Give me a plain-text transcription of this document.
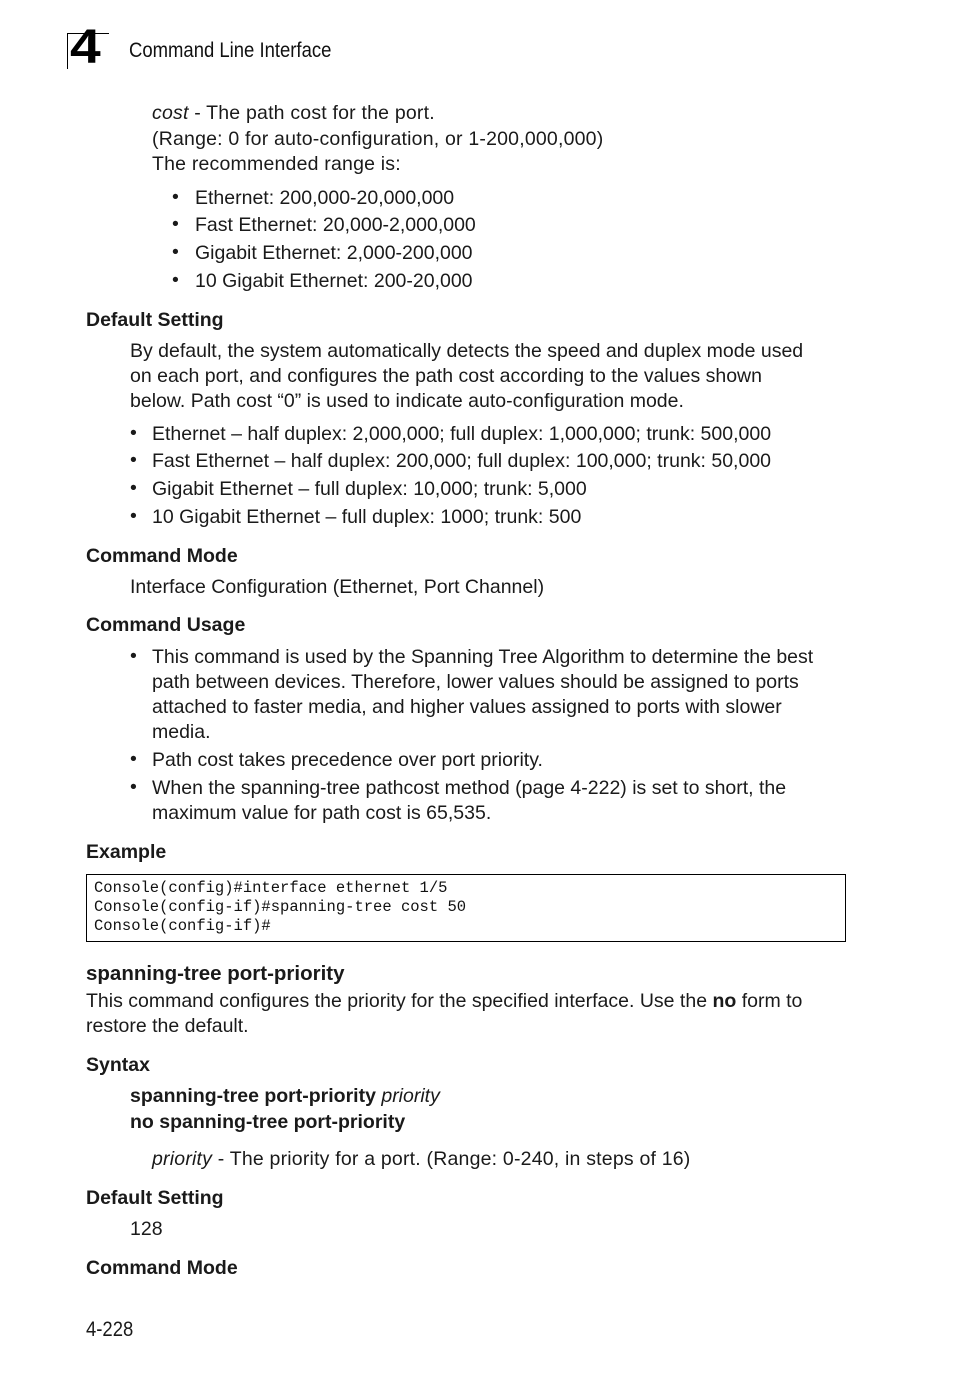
4 Command Line Interface
cost - The path cost for the port.
(Range: 0 for auto-configuration, or 1-200,000,000)
The recommended range is:
• Ethernet: 200,000-20,000,000
• Fast Ethernet: 20,000-2,000,000
• Gigabit Ethernet: 2,000-200,000
• 10 Gigabit Ethernet: 200-20,000
Default Setting
By default, the system automatically detects the speed and duplex mode used
on each port, and configures the path cost according to the values shown
below. Path cost “0” is used to indicate auto-configuration mode.
• Ethernet – half duplex: 2,000,000; full duplex: 1,000,000; trunk: 500,000
• Fast Ethernet – half duplex: 200,000; full duplex: 100,000; trunk: 50,000
• Gigabit Ethernet – full duplex: 10,000; trunk: 5,000
• 10 Gigabit Ethernet – full duplex: 1000; trunk: 500
Command Mode
Interface Configuration (Ethernet, Port Channel)
Command Usage
• This command is used by the Spanning Tree Algorithm to determine the best
path between devices. Therefore, lower values should be assigned to ports
attached to faster media, and higher values assigned to ports with slower
media.
• Path cost takes precedence over port priority.
• When the spanning-tree pathcost method (page 4-222) is set to short, the
maximum value for path cost is 65,535.
Example
Console(config)#interface ethernet 1/5
Console(config-if)#spanning-tree cost 50
Console(config-if)#
spanning-tree port-priority
This command configures the priority for the specified interface. Use the no form to
restore the default.
Syntax
spanning-tree port-priority priority
no spanning-tree port-priority
priority - The priority for a port. (Range: 0-240, in steps of 16)
Default Setting
128
Command Mode
4-228
